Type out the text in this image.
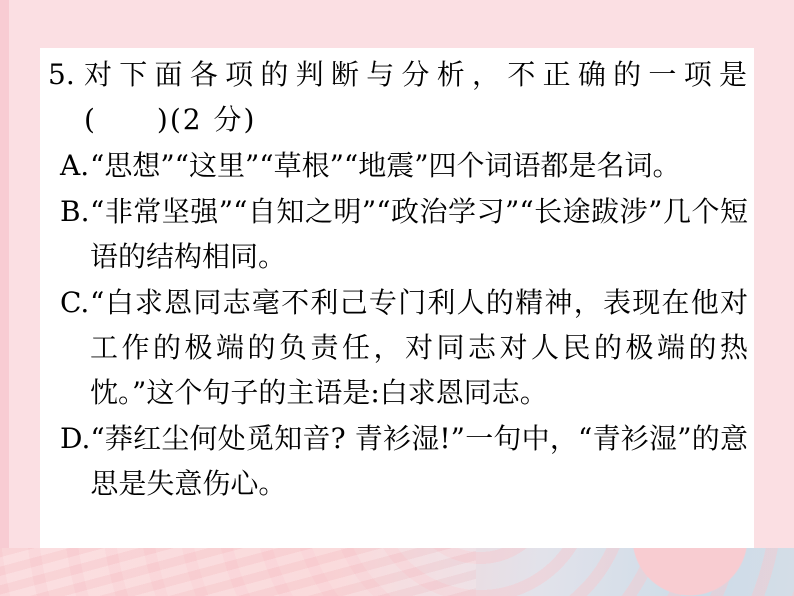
5. 对下面各项的判断与分析，不正确的一项是
(　　)(2 分)
A. “思想”“这里”“草根”“地震”四个词语都是名词。
B. “非常坚强”“自知之明”“政治学习”“长途跋涉”几个短语的结构相同。
C. “白求恩同志毫不利己专门利人的精神，表现在他对工作的极端的负责任，对同志对人民的极端的热忱。”这个句子的主语是:白求恩同志。
D. “莽红尘何处觅知音? 青衫湿!”一句中，“青衫湿”的意思是失意伤心。
